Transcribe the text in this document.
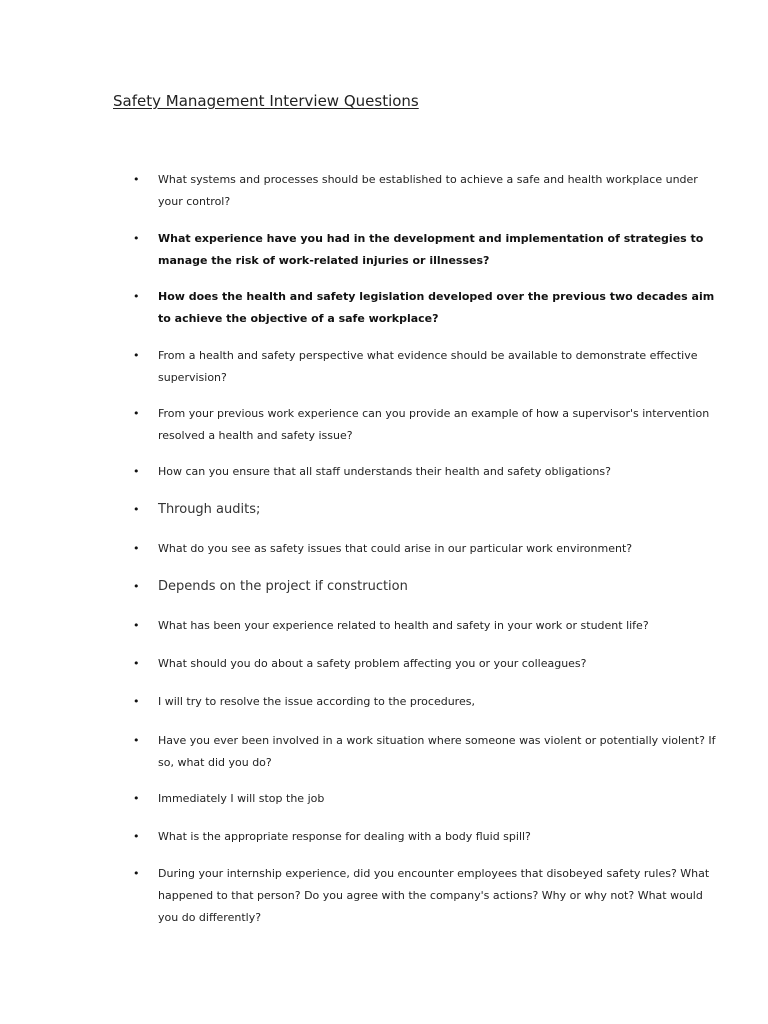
Safety Management Interview Questions
• What systems and processes should be established to achieve a safe and health workplace under your control?
• What experience have you had in the development and implementation of strategies to manage the risk of work-related injuries or illnesses?
• How does the health and safety legislation developed over the previous two decades aim to achieve the objective of a safe workplace?
• From a health and safety perspective what evidence should be available to demonstrate effective supervision?
• From your previous work experience can you provide an example of how a supervisor's intervention resolved a health and safety issue?
• How can you ensure that all staff understands their health and safety obligations?
• Through audits;
• What do you see as safety issues that could arise in our particular work environment?
• Depends on the project if construction
• What has been your experience related to health and safety in your work or student life?
• What should you do about a safety problem affecting you or your colleagues?
• I will try to resolve the issue according to the procedures,
• Have you ever been involved in a work situation where someone was violent or potentially violent? If so, what did you do?
• Immediately I will stop the job
• What is the appropriate response for dealing with a body fluid spill?
• During your internship experience, did you encounter employees that disobeyed safety rules? What happened to that person? Do you agree with the company's actions? Why or why not? What would you do differently?
